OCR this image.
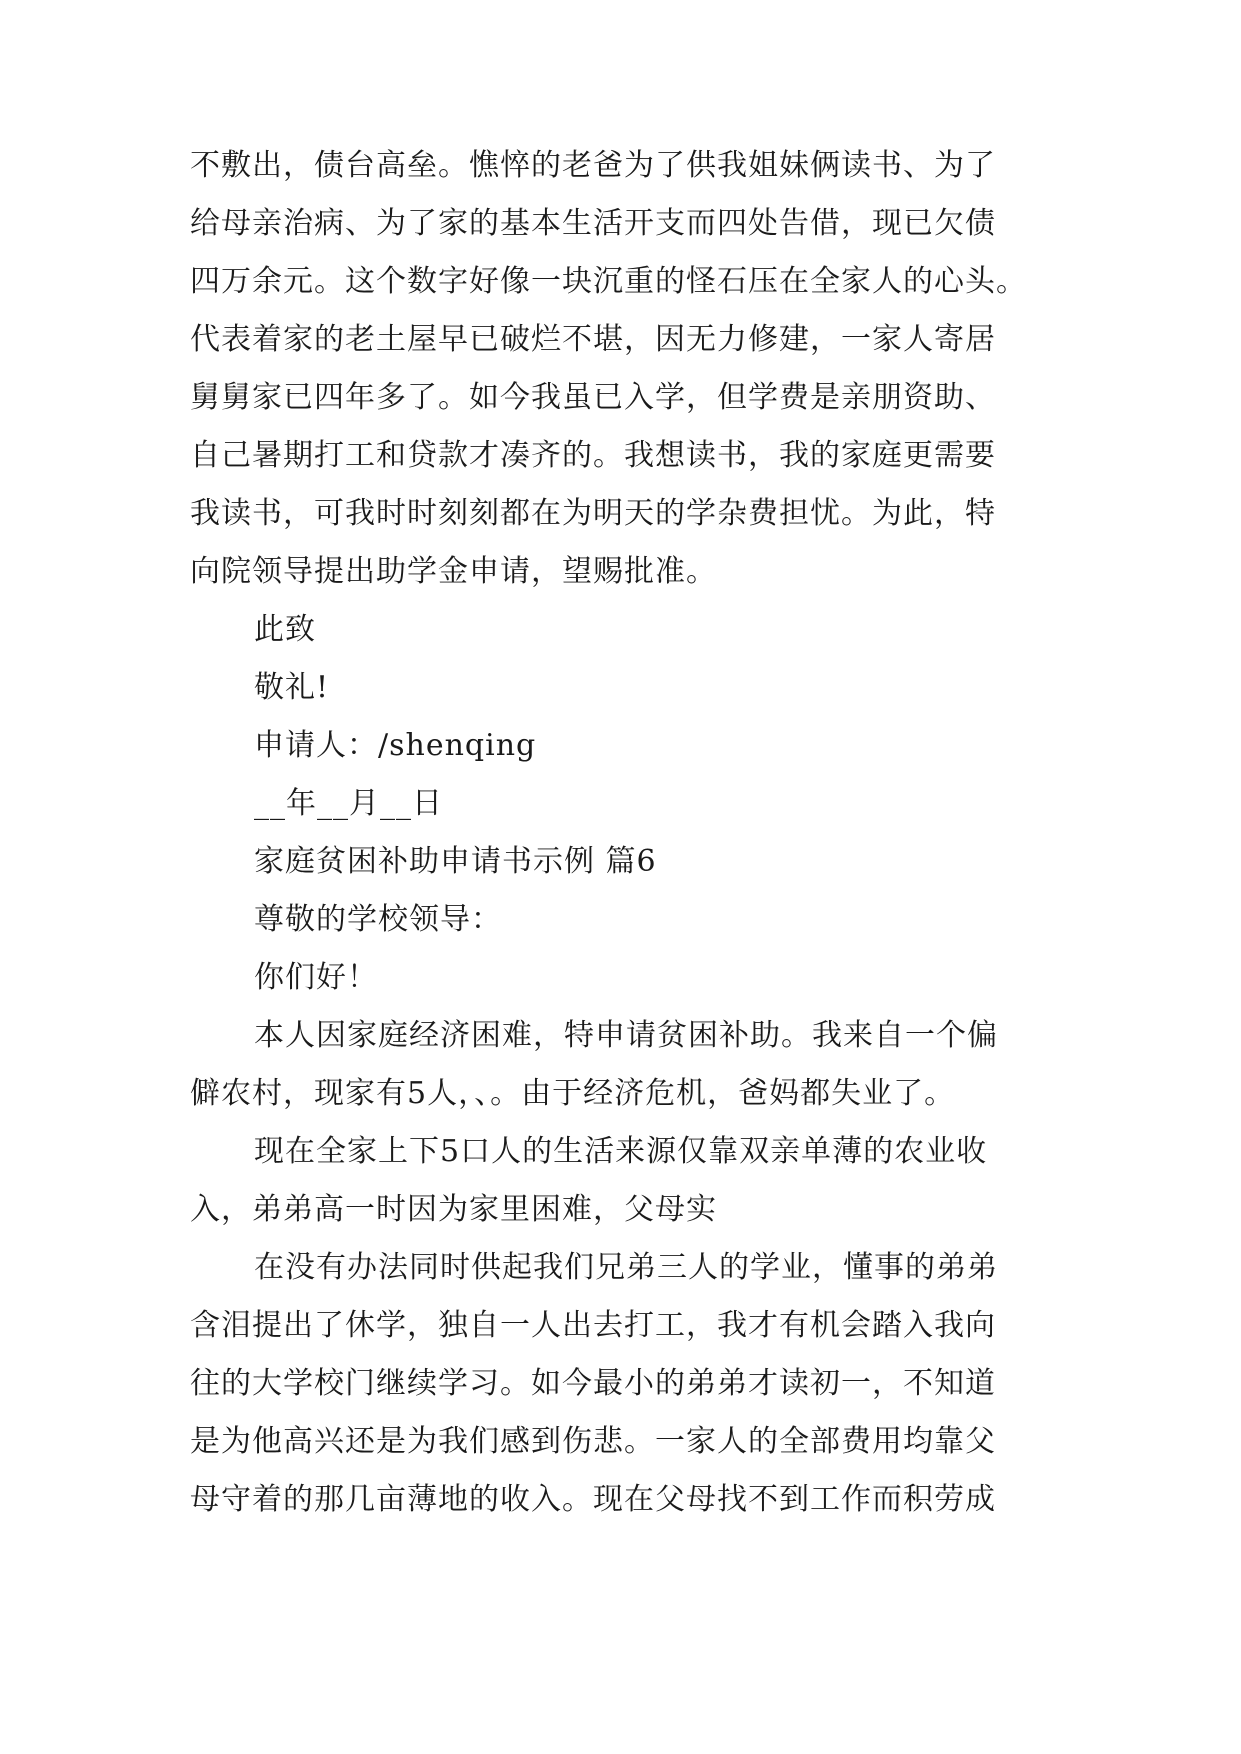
不敷出，债台高垒。憔悴的老爸为了供我姐妹俩读书、为了
给母亲治病、为了家的基本生活开支而四处告借，现已欠债
四万余元。这个数字好像一块沉重的怪石压在全家人的心头。
代表着家的老土屋早已破烂不堪，因无力修建，一家人寄居
舅舅家已四年多了。如今我虽已入学，但学费是亲朋资助、
自己暑期打工和贷款才凑齐的。我想读书，我的家庭更需要
我读书，可我时时刻刻都在为明天的学杂费担忧。为此，特
向院领导提出助学金申请，望赐批准。
此致
敬礼!
申请人：/shenqing
__年__月__日
家庭贫困补助申请书示例 篇6
尊敬的学校领导：
你们好！
本人因家庭经济困难，特申请贫困补助。我来自一个偏
僻农村，现家有5人，、。由于经济危机，爸妈都失业了。
现在全家上下5口人的生活来源仅靠双亲单薄的农业收
入，弟弟高一时因为家里困难，父母实
在没有办法同时供起我们兄弟三人的学业，懂事的弟弟
含泪提出了休学，独自一人出去打工，我才有机会踏入我向
往的大学校门继续学习。如今最小的弟弟才读初一，不知道
是为他高兴还是为我们感到伤悲。一家人的全部费用均靠父
母守着的那几亩薄地的收入。现在父母找不到工作而积劳成
